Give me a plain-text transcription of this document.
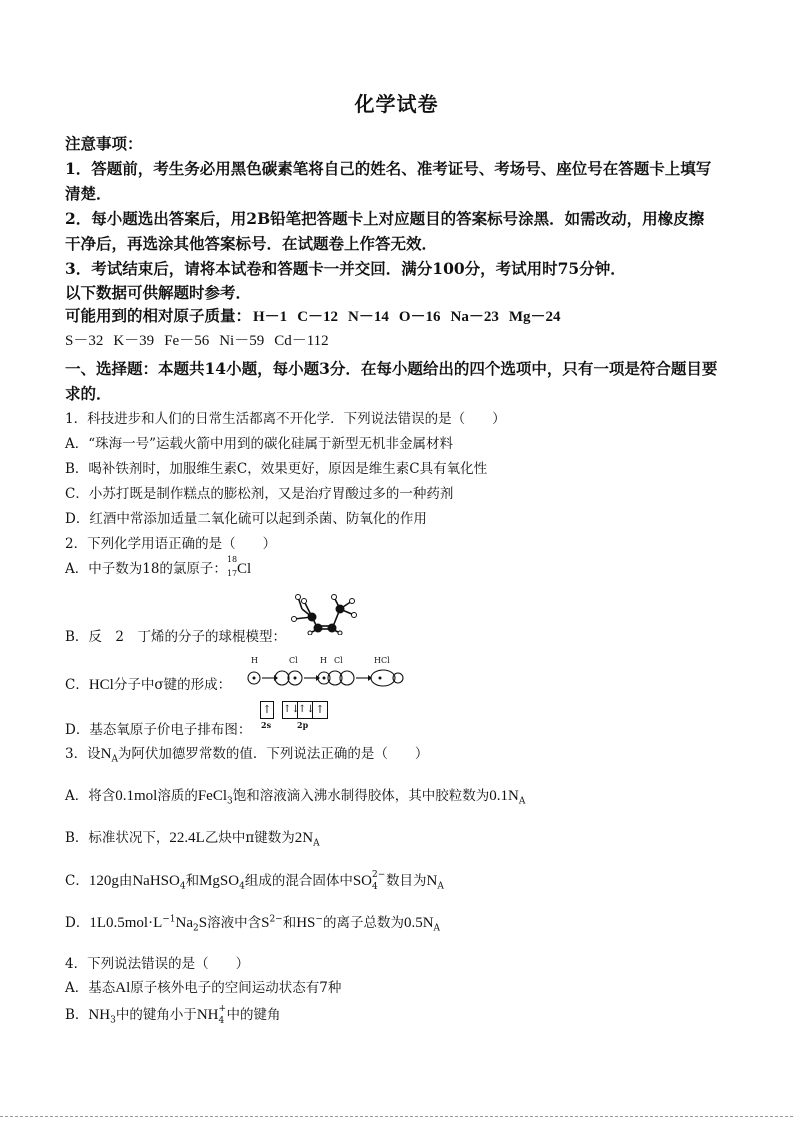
化学试卷
注意事项：
1．答题前，考生务必用黑色碳素笔将自己的姓名、准考证号、考场号、座位号在答题卡上填写
清楚．
2．每小题选出答案后，用2B铅笔把答题卡上对应题目的答案标号涂黑．如需改动，用橡皮擦
干净后，再选涂其他答案标号．在试题卷上作答无效．
3．考试结束后，请将本试卷和答题卡一并交回．满分100分，考试用时75分钟．
以下数据可供解题时参考．
可能用到的相对原子质量： H－1 C－12 N－14 O－16 Na－23 Mg－24
S－32 K－39 Fe－56 Ni－59 Cd－112
一、选择题：本题共14小题，每小题3分．在每小题给出的四个选项中，只有一项是符合题目要
求的．
1．科技进步和人们的日常生活都离不开化学．下列说法错误的是（　　）
A．“珠海一号”运载火箭中用到的碳化硅属于新型无机非金属材料
B．喝补铁剂时，加服维生素C，效果更好，原因是维生素C具有氧化性
C．小苏打既是制作糕点的膨松剂，又是治疗胃酸过多的一种药剂
D．红酒中常添加适量二氧化硫可以起到杀菌、防氧化的作用
2．下列化学用语正确的是（　　）
A．中子数为18的氯原子：
18
17 Cl
B．反　2　丁烯的分子的球棍模型：
C．HCl分子中σ键的形成：
H	Cl	H Cl	HCl
↑ ↑↓
↑↓ ↑
2s	2p
D．基态氧原子价电子排布图：
3．设$N_A$为阿伏加德罗常数的值．下列说法正确的是（　　）
A．将含0.1mol溶质的FeCl$_3$饱和溶液滴入沸水制得胶体，其中胶粒数为$0.1N_A$
B．标准状况下，22.4L乙炔中π键数为$2N_A$
C．120g由NaHSO$_4$和MgSO$_4$组成的混合固体中SO 2−
4 数目为$N_A$
D．$1L0.5mol\cdot L^{-1}Na_2S$溶液中含$S^{2-}$和HS−的离子总数为$0.5N_A$
4．下列说法错误的是（　　）
A．基态Al原子核外电子的空间运动状态有7种
B．$NH_3$中的键角小于NH +
4 中的键角
